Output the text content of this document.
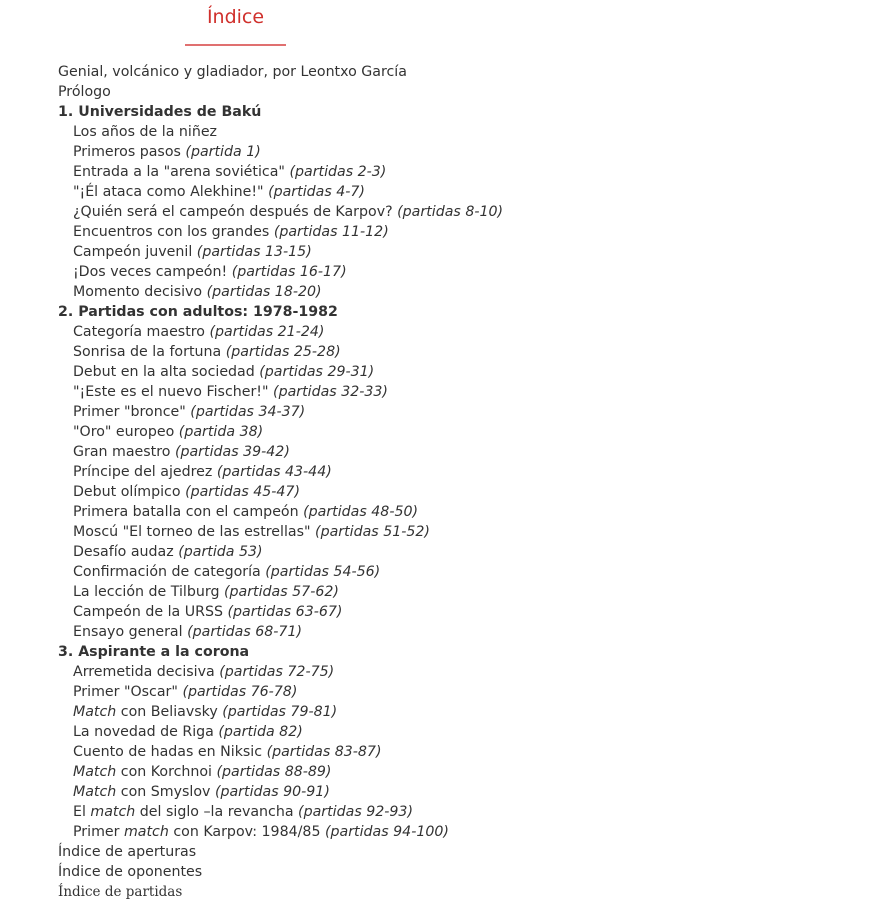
Índice
Genial, volcánico y gladiador, por Leontxo García
Prólogo
1. Universidades de Bakú
Los años de la niñez
Primeros pasos (partida 1)
Entrada a la "arena soviética" (partidas 2-3)
"¡Él ataca como Alekhine!" (partidas 4-7)
¿Quién será el campeón después de Karpov? (partidas 8-10)
Encuentros con los grandes (partidas 11-12)
Campeón juvenil (partidas 13-15)
¡Dos veces campeón! (partidas 16-17)
Momento decisivo (partidas 18-20)
2. Partidas con adultos: 1978-1982
Categoría maestro (partidas 21-24)
Sonrisa de la fortuna (partidas 25-28)
Debut en la alta sociedad (partidas 29-31)
"¡Este es el nuevo Fischer!" (partidas 32-33)
Primer "bronce" (partidas 34-37)
"Oro" europeo (partida 38)
Gran maestro (partidas 39-42)
Príncipe del ajedrez (partidas 43-44)
Debut olímpico (partidas 45-47)
Primera batalla con el campeón (partidas 48-50)
Moscú "El torneo de las estrellas" (partidas 51-52)
Desafío audaz (partida 53)
Confirmación de categoría (partidas 54-56)
La lección de Tilburg (partidas 57-62)
Campeón de la URSS (partidas 63-67)
Ensayo general (partidas 68-71)
3. Aspirante a la corona
Arremetida decisiva (partidas 72-75)
Primer "Oscar" (partidas 76-78)
Match con Beliavsky (partidas 79-81)
La novedad de Riga (partida 82)
Cuento de hadas en Niksic (partidas 83-87)
Match con Korchnoi (partidas 88-89)
Match con Smyslov (partidas 90-91)
El match del siglo –la revancha (partidas 92-93)
Primer match con Karpov: 1984/85 (partidas 94-100)
Índice de aperturas
Índice de oponentes
Índice de partidas
